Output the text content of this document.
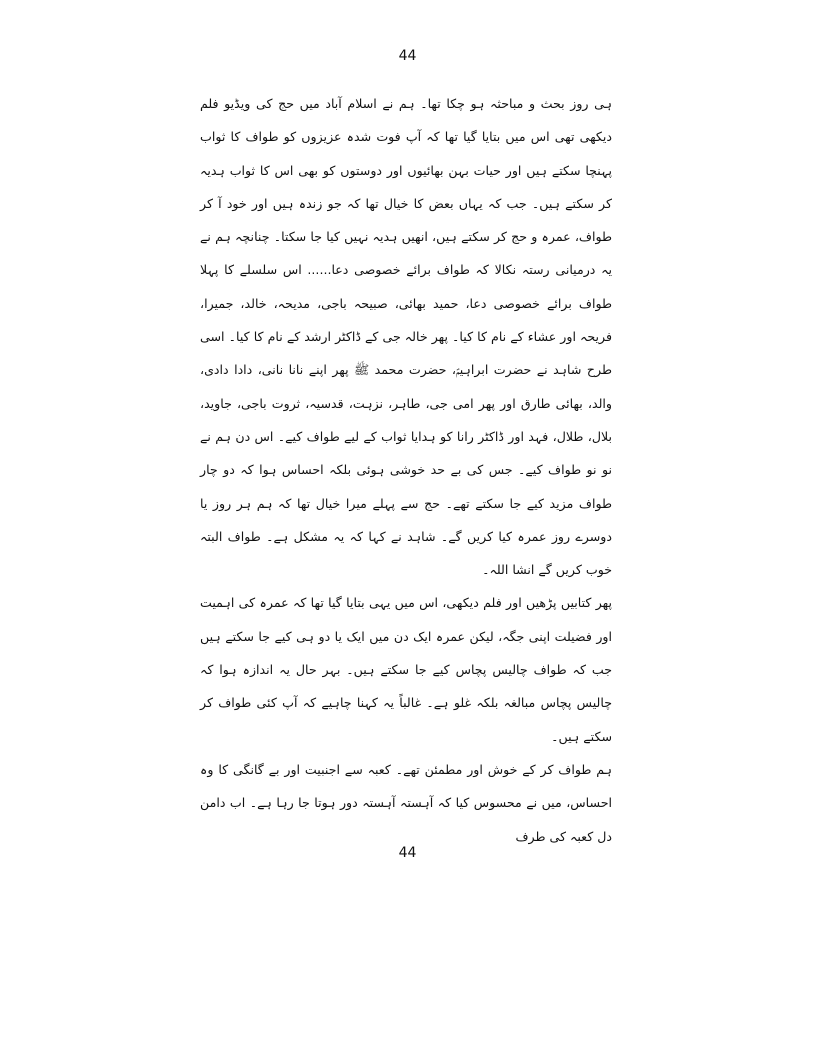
44

ہی روز بحث و مباحثہ ہو چکا تھا۔ ہم نے اسلام آباد میں حج کی ویڈیو فلم دیکھی تھی اس میں بتایا گیا تھا کہ آپ فوت شدہ عزیزوں کو طواف کا ثواب پہنچا سکتے ہیں اور حیات بہن بھائیوں اور دوستوں کو بھی اس کا ثواب ہدیہ کر سکتے ہیں۔ جب کہ یہاں بعض کا خیال تھا کہ جو زندہ ہیں اور خود آ کر طواف، عمرہ و حج کر سکتے ہیں، انھیں ہدیہ نہیں کیا جا سکتا۔ چنانچہ ہم نے یہ درمیانی رستہ نکالا کہ طواف برائے خصوصی دعا...... اس سلسلے کا پہلا طواف برائے خصوصی دعا، حمید بھائی، صبیحہ باجی، مدیحہ، خالد، جمیرا، فریحہ اور عشاء کے نام کا کیا۔ پھر خالہ جی کے ڈاکٹر ارشد کے نام کا کیا۔ اسی طرح شاہد نے حضرت ابراہیمؑ، حضرت محمد ﷺ پھر اپنے نانا نانی، دادا دادی، والد، بھائی طارق اور پھر امی جی، طاہر، نزہت، قدسیہ، ثروت باجی، جاوید، بلال، طلال، فہد اور ڈاکٹر رانا کو ہدایا ثواب کے لیے طواف کیے۔ اس دن ہم نے نو نو طواف کیے۔ جس کی بے حد خوشی ہوئی بلکہ احساس ہوا کہ دو چار طواف مزید کیے جا سکتے تھے۔ حج سے پہلے میرا خیال تھا کہ ہم ہر روز یا دوسرے روز عمرہ کیا کریں گے۔ شاہد نے کہا کہ یہ مشکل ہے۔ طواف البتہ خوب کریں گے انشا اللہ۔

پھر کتابیں پڑھیں اور فلم دیکھی، اس میں یہی بتایا گیا تھا کہ عمرہ کی اہمیت اور فضیلت اپنی جگہ، لیکن عمرہ ایک دن میں ایک یا دو ہی کیے جا سکتے ہیں جب کہ طواف چالیس پچاس کیے جا سکتے ہیں۔ بہر حال یہ اندازہ ہوا کہ چالیس پچاس مبالغہ بلکہ غلو ہے۔ غالباً یہ کہنا چاہیے کہ آپ کئی طواف کر سکتے ہیں۔

ہم طواف کر کے خوش اور مطمئن تھے۔ کعبہ سے اجنبیت اور بے گانگی کا وہ احساس، میں نے محسوس کیا کہ آہستہ آہستہ دور ہوتا جا رہا ہے۔ اب دامن دل کعبہ کی طرف

44
